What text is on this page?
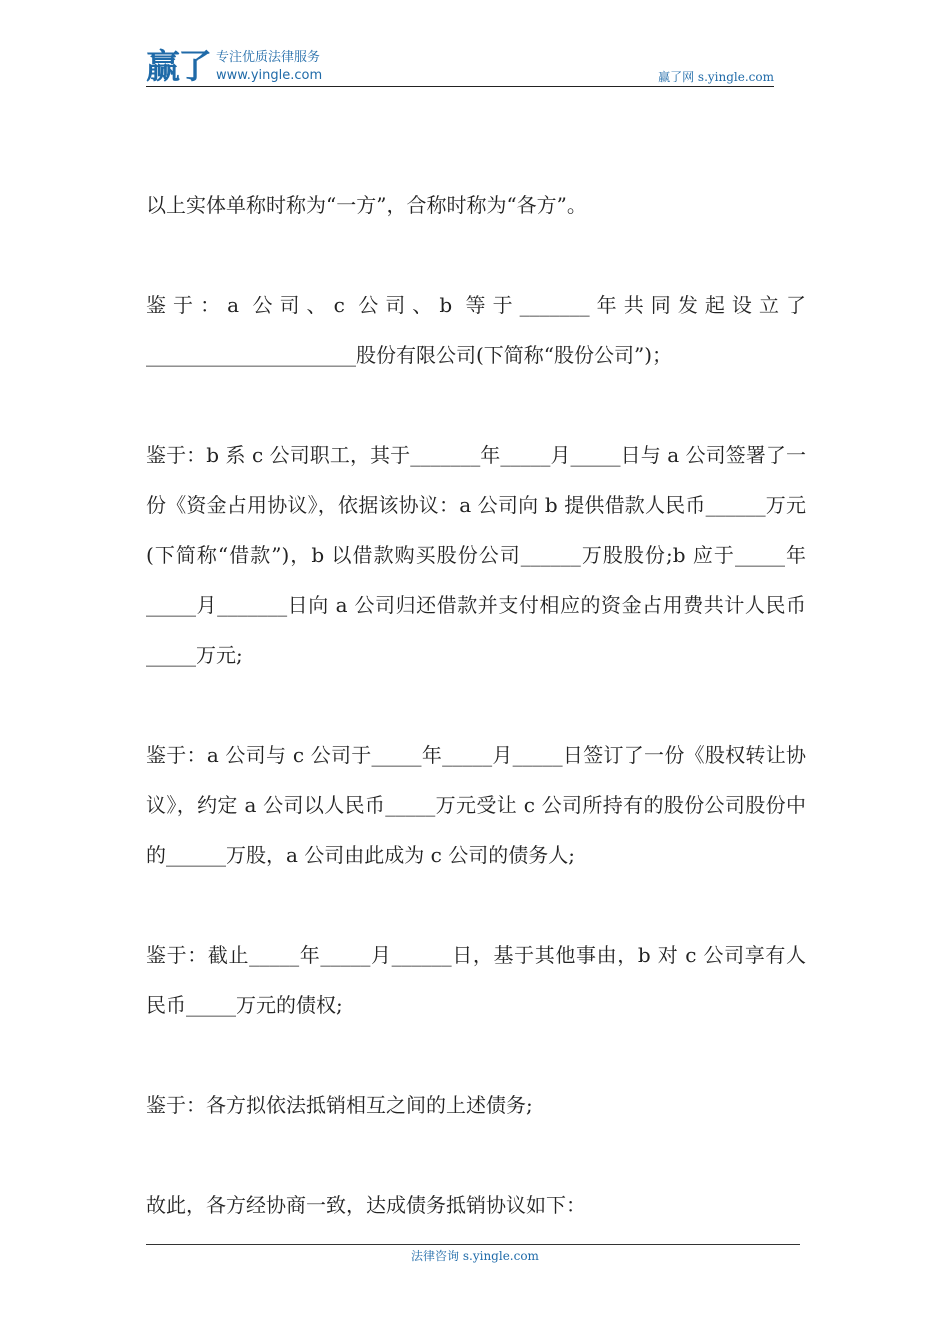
赢了 专注优质法律服务
www.yingle.com	赢了网 s.yingle.com

以上实体单称时称为“一方”，合称时称为“各方”。

鉴于：a 公司、c 公司、b 等于_______年共同发起设立了_____________________股份有限公司(下简称“股份公司”)；

鉴于：b 系 c 公司职工，其于_______年_____月_____日与 a 公司签署了一份《资金占用协议》，依据该协议：a 公司向 b 提供借款人民币______万元(下简称“借款”)，b 以借款购买股份公司______万股股份;b 应于_____年_____月_______日向 a 公司归还借款并支付相应的资金占用费共计人民币_____万元;

鉴于：a 公司与 c 公司于_____年_____月_____日签订了一份《股权转让协议》，约定 a 公司以人民币_____万元受让 c 公司所持有的股份公司股份中的______万股，a 公司由此成为 c 公司的债务人;

鉴于：截止_____年_____月______日，基于其他事由，b 对 c 公司享有人民币_____万元的债权;

鉴于：各方拟依法抵销相互之间的上述债务;

故此，各方经协商一致，达成债务抵销协议如下：

法律咨询 s.yingle.com
